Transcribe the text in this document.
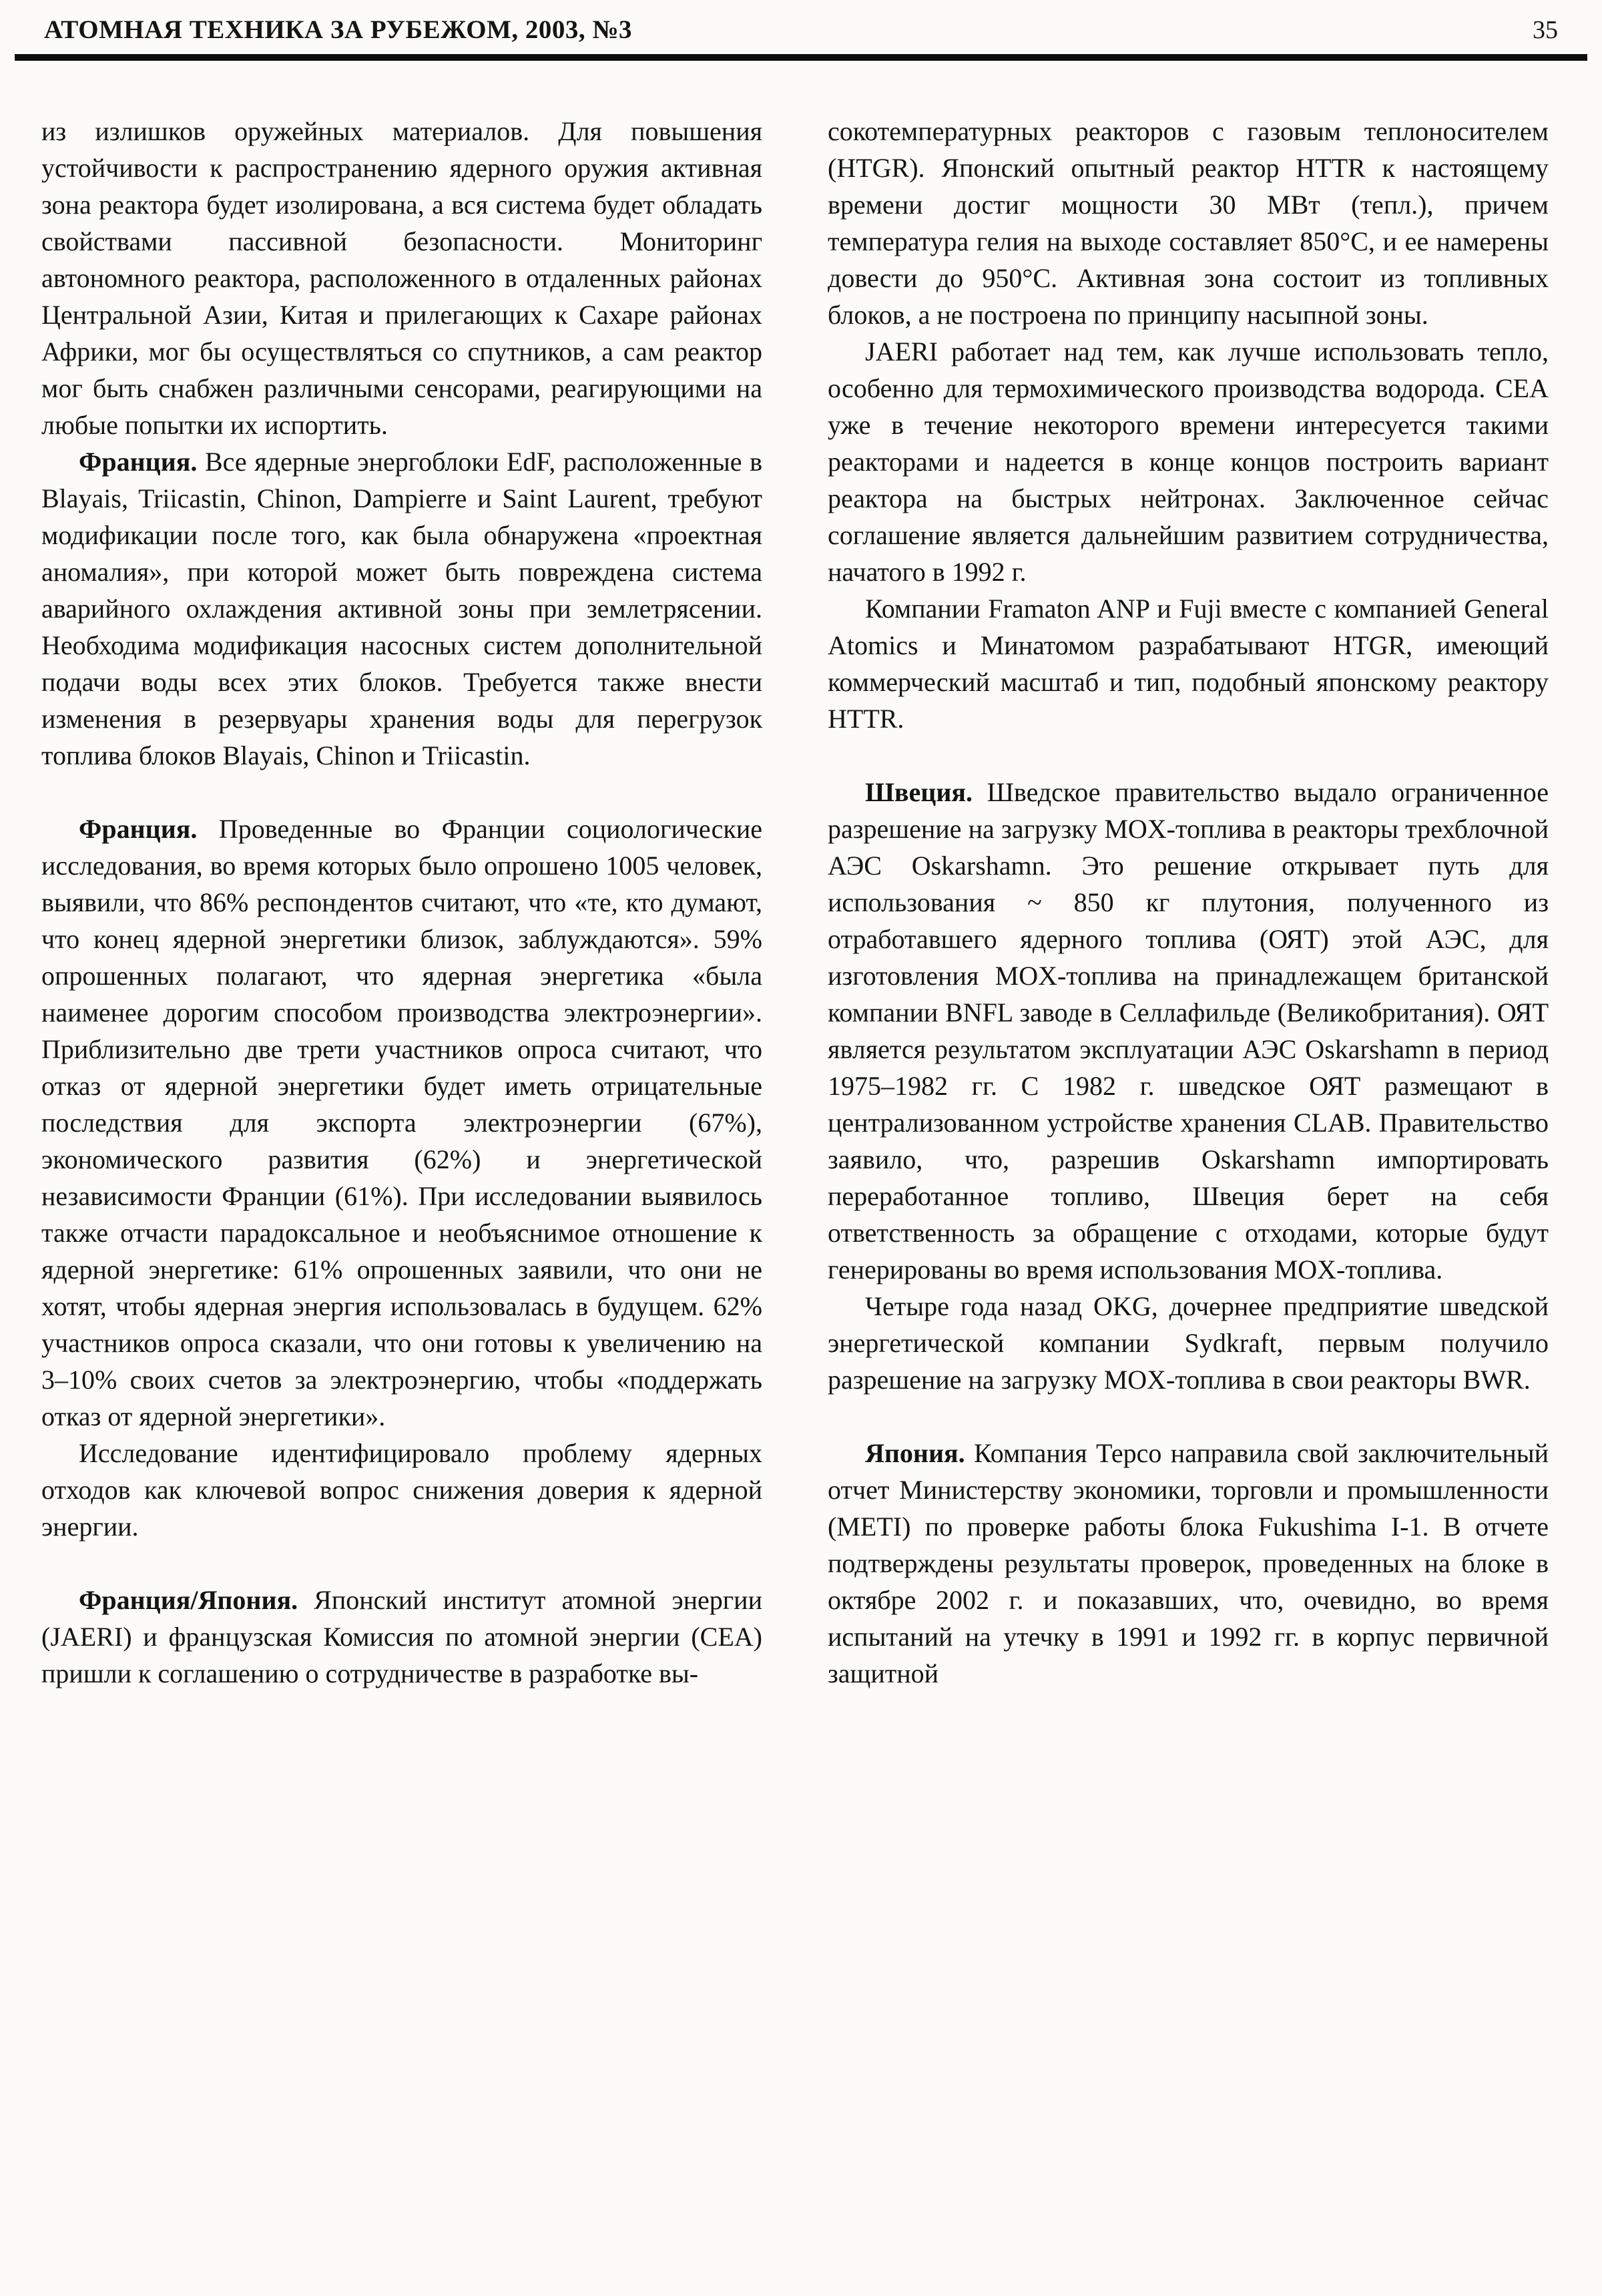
АТОМНАЯ ТЕХНИКА ЗА РУБЕЖОМ, 2003, №3	35

из излишков оружейных материалов. Для повышения устойчивости к распространению ядерного оружия активная зона реактора будет изолирована, а вся система будет обладать свойствами пассивной безопасности. Мониторинг автономного реактора, расположенного в отдаленных районах Центральной Азии, Китая и прилегающих к Сахаре районах Африки, мог бы осуществляться со спутников, а сам реактор мог быть снабжен различными сенсорами, реагирующими на любые попытки их испортить.

Франция. Все ядерные энергоблоки EdF, расположенные в Blayais, Triicastin, Chinon, Dampierre и Saint Laurent, требуют модификации после того, как была обнаружена «проектная аномалия», при которой может быть повреждена система аварийного охлаждения активной зоны при землетрясении. Необходима модификация насосных систем дополнительной подачи воды всех этих блоков. Требуется также внести изменения в резервуары хранения воды для перегрузок топлива блоков Blayais, Chinon и Triicastin.

Франция. Проведенные во Франции социологические исследования, во время которых было опрошено 1005 человек, выявили, что 86% респондентов считают, что «те, кто думают, что конец ядерной энергетики близок, заблуждаются». 59% опрошенных полагают, что ядерная энергетика «была наименее дорогим способом производства электроэнергии». Приблизительно две трети участников опроса считают, что отказ от ядерной энергетики будет иметь отрицательные последствия для экспорта электроэнергии (67%), экономического развития (62%) и энергетической независимости Франции (61%). При исследовании выявилось также отчасти парадоксальное и необъяснимое отношение к ядерной энергетике: 61% опрошенных заявили, что они не хотят, чтобы ядерная энергия использовалась в будущем. 62% участников опроса сказали, что они готовы к увеличению на 3–10% своих счетов за электроэнергию, чтобы «поддержать отказ от ядерной энергетики».

Исследование идентифицировало проблему ядерных отходов как ключевой вопрос снижения доверия к ядерной энергии.

Франция/Япония. Японский институт атомной энергии (JAERI) и французская Комиссия по атомной энергии (CEA) пришли к соглашению о сотрудничестве в разработке вы-

сокотемпературных реакторов с газовым теплоносителем (HTGR). Японский опытный реактор HTTR к настоящему времени достиг мощности 30 МВт (тепл.), причем температура гелия на выходе составляет 850°С, и ее намерены довести до 950°С. Активная зона состоит из топливных блоков, а не построена по принципу насыпной зоны.

JAERI работает над тем, как лучше использовать тепло, особенно для термохимического производства водорода. CEA уже в течение некоторого времени интересуется такими реакторами и надеется в конце концов построить вариант реактора на быстрых нейтронах. Заключенное сейчас соглашение является дальнейшим развитием сотрудничества, начатого в 1992 г.

Компании Framaton ANP и Fuji вместе с компанией General Atomics и Минатомом разрабатывают HTGR, имеющий коммерческий масштаб и тип, подобный японскому реактору HTTR.

Швеция. Шведское правительство выдало ограниченное разрешение на загрузку MOX-топлива в реакторы трехблочной АЭС Oskarshamn. Это решение открывает путь для использования ~ 850 кг плутония, полученного из отработавшего ядерного топлива (ОЯТ) этой АЭС, для изготовления MOX-топлива на принадлежащем британской компании BNFL заводе в Селлафильде (Великобритания). ОЯТ является результатом эксплуатации АЭС Oskarshamn в период 1975–1982 гг. С 1982 г. шведское ОЯТ размещают в централизованном устройстве хранения CLAB. Правительство заявило, что, разрешив Oskarshamn импортировать переработанное топливо, Швеция берет на себя ответственность за обращение с отходами, которые будут генерированы во время использования MOX-топлива.

Четыре года назад OKG, дочернее предприятие шведской энергетической компании Sydkraft, первым получило разрешение на загрузку MOX-топлива в свои реакторы BWR.

Япония. Компания Терсо направила свой заключительный отчет Министерству экономики, торговли и промышленности (METI) по проверке работы блока Fukushima I-1. В отчете подтверждены результаты проверок, проведенных на блоке в октябре 2002 г. и показавших, что, очевидно, во время испытаний на утечку в 1991 и 1992 гг. в корпус первичной защитной
